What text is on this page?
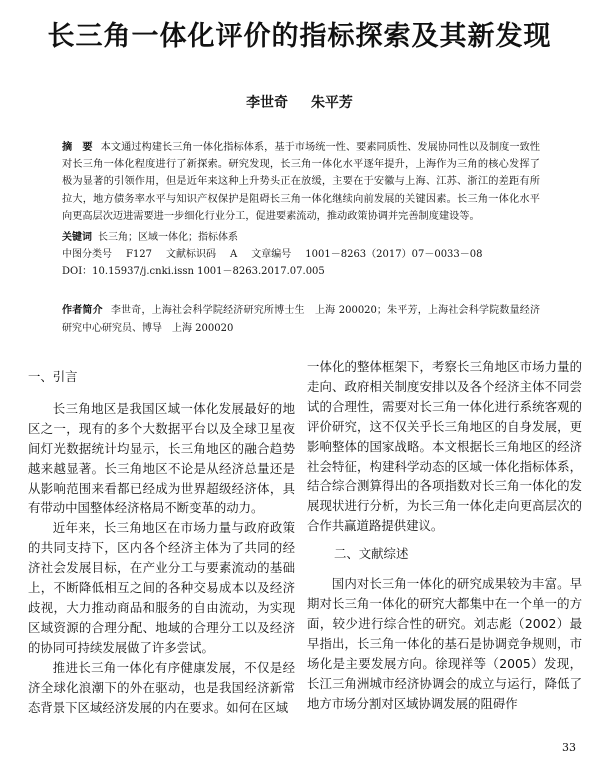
长三角一体化评价的指标探索及其新发现
李世奇 朱平芳
摘　要 本文通过构建长三角一体化指标体系，基于市场统一性、要素同质性、发展协同性以及制度一致性对长三角一体化程度进行了新探索。研究发现，长三角一体化水平逐年提升，上海作为三角的核心发挥了极为显著的引领作用，但是近年来这种上升势头正在放缓，主要在于安徽与上海、江苏、浙江的差距有所拉大，地方债务率水平与知识产权保护是阻碍长三角一体化继续向前发展的关键因素。长三角一体化水平向更高层次迈进需要进一步细化行业分工，促进要素流动，推动政策协调并完善制度建设等。
关键词 长三角；区域一体化；指标体系
中图分类号 F127 文献标识码 A 文章编号 1001－8263（2017）07－0033－08
DOI：10.15937/j.cnki.issn 1001－8263.2017.07.005
作者简介 李世奇，上海社会科学院经济研究所博士生　上海 200020；朱平芳，上海社会科学院数量经济研究中心研究员、博导　上海 200020
一、引言

长三角地区是我国区域一体化发展最好的地区之一，现有的多个大数据平台以及全球卫星夜间灯光数据统计均显示，长三角地区的融合趋势越来越显著。长三角地区不论是从经济总量还是从影响范围来看都已经成为世界超级经济体，具有带动中国整体经济格局不断变革的动力。

近年来，长三角地区在市场力量与政府政策的共同支持下，区内各个经济主体为了共同的经济社会发展目标，在产业分工与要素流动的基础上，不断降低相互之间的各种交易成本以及经济歧视，大力推动商品和服务的自由流动，为实现区域资源的合理分配、地域的合理分工以及经济的协同可持续发展做了许多尝试。

推进长三角一体化有序健康发展，不仅是经济全球化浪潮下的外在驱动，也是我国经济新常态背景下区域经济发展的内在要求。如何在区域

一体化的整体框架下，考察长三角地区市场力量的走向、政府相关制度安排以及各个经济主体不同尝试的合理性，需要对长三角一体化进行系统客观的评价研究，这不仅关乎长三角地区的自身发展，更影响整体的国家战略。本文根据长三角地区的经济社会特征，构建科学动态的区域一体化指标体系，结合综合测算得出的各项指数对长三角一体化的发展现状进行分析，为长三角一体化走向更高层次的合作共赢道路提供建议。

二、文献综述

国内对长三角一体化的研究成果较为丰富。早期对长三角一体化的研究大都集中在一个单一的方面，较少进行综合性的研究。刘志彪（2002）最早指出，长三角一体化的基石是协调竞争规则，市场化是主要发展方向。徐现祥等（2005）发现，长江三角洲城市经济协调会的成立与运行，降低了地方市场分割对区域协调发展的阻碍作

33
